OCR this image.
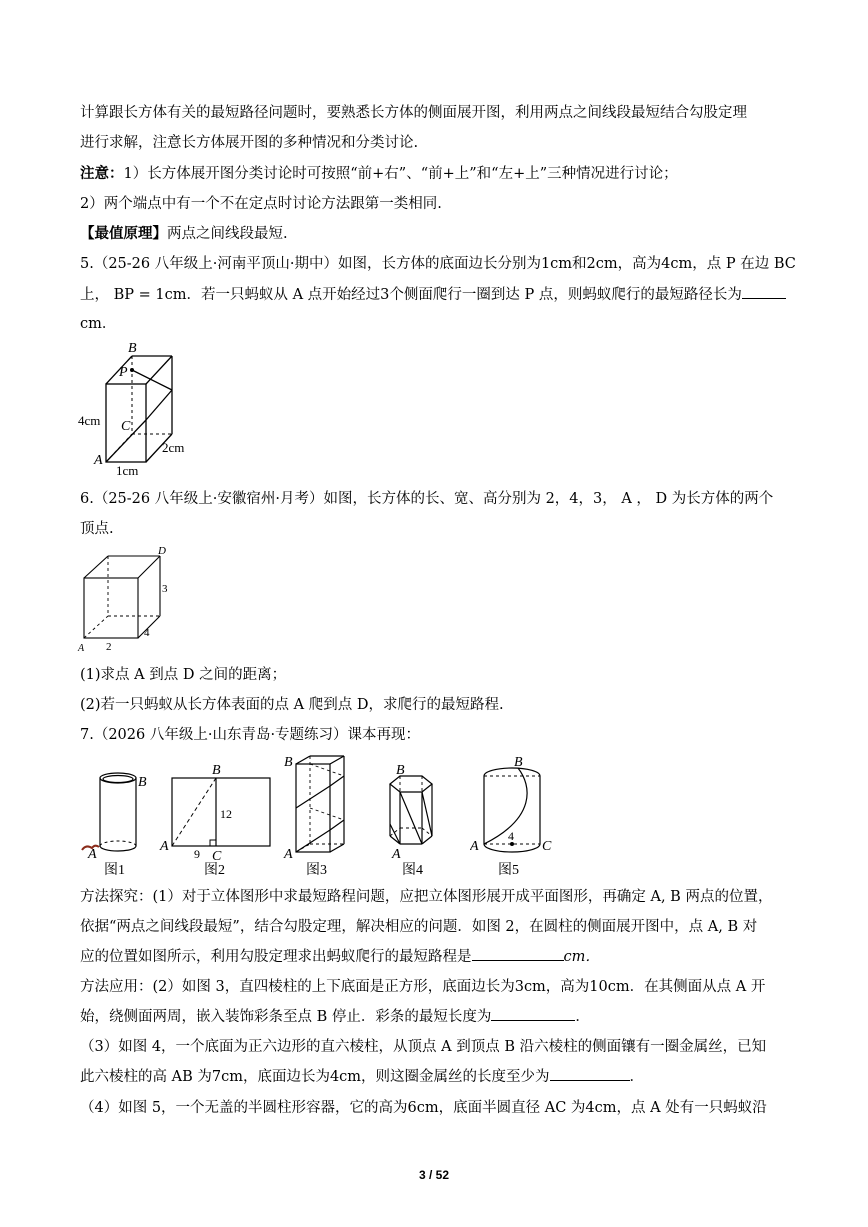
计算跟长方体有关的最短路径问题时，要熟悉长方体的侧面展开图，利用两点之间线段最短结合勾股定理
进行求解，注意长方体展开图的多种情况和分类讨论.
注意：1）长方体展开图分类讨论时可按照“前+右”、“前+上”和“左+上”三种情况进行讨论；
2）两个端点中有一个不在定点时讨论方法跟第一类相同.
【最值原理】两点之间线段最短.
5.（25-26 八年级上·河南平顶山·期中）如图，长方体的底面边长分别为1cm和2cm，高为4cm，点 P 在边 BC
上， BP = 1cm．若一只蚂蚁从 A 点开始经过3个侧面爬行一圈到达 P 点，则蚂蚁爬行的最短路径长为
cm．
B
P
C
A
4cm
2cm
1cm
6.（25-26 八年级上·安徽宿州·月考）如图，长方体的长、宽、高分别为 2，4，3， A ， D 为长方体的两个
顶点.
D
A 2
4
3
(1)求点 A 到点 D 之间的距离；
(2)若一只蚂蚁从长方体表面的点 A 爬到点 D，求爬行的最短路程.
7.（2026 八年级上·山东青岛·专题练习）课本再现：
B
A
图1
B
A
C
12
9
图2
B
A
图3
B
A
图4
B
A	C
4
图5
方法探究：(1）对于立体图形中求最短路程问题，应把立体图形展开成平面图形，再确定 A, B 两点的位置，
依据“两点之间线段最短”，结合勾股定理，解决相应的问题．如图 2，在圆柱的侧面展开图中，点 A, B 对
应的位置如图所示，利用勾股定理求出蚂蚁爬行的最短路程是	cm．
方法应用：(2）如图 3，直四棱柱的上下底面是正方形，底面边长为3cm，高为10cm．在其侧面从点 A 开
始，绕侧面两周，嵌入装饰彩条至点 B 停止．彩条的最短长度为	．
（3）如图 4，一个底面为正六边形的直六棱柱，从顶点 A 到顶点 B 沿六棱柱的侧面镶有一圈金属丝，已知
此六棱柱的高 AB 为7cm，底面边长为4cm，则这圈金属丝的长度至少为	．
（4）如图 5，一个无盖的半圆柱形容器，它的高为6cm，底面半圆直径 AC 为4cm，点 A 处有一只蚂蚁沿
3 / 52
